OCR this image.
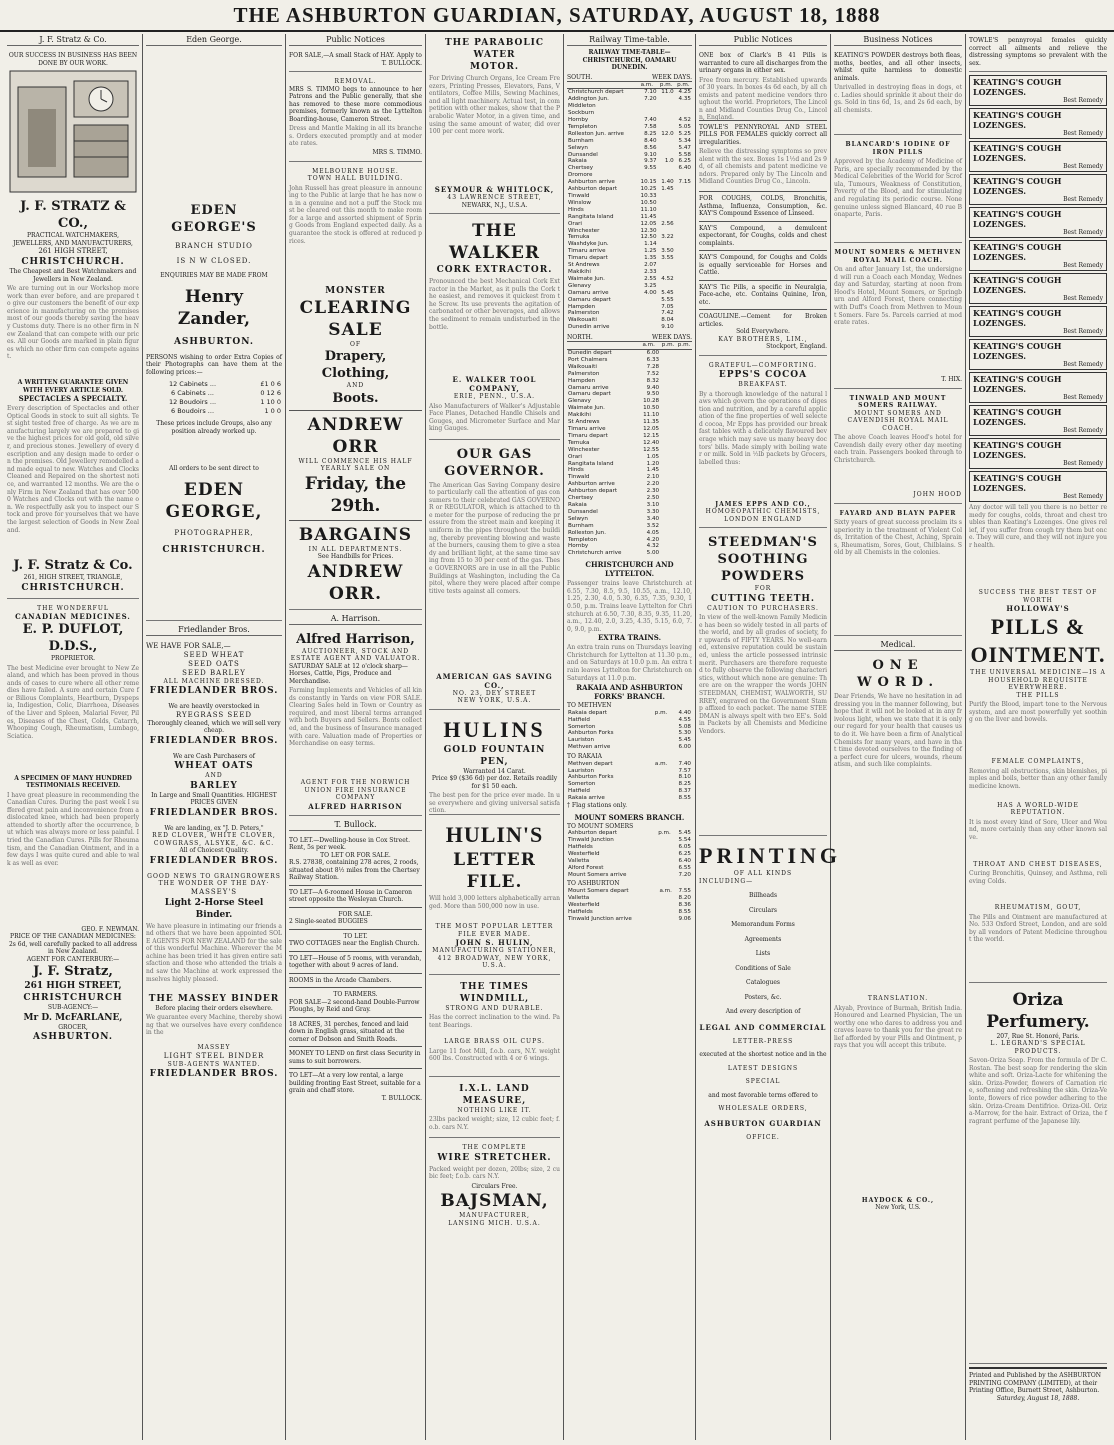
THE ASHBURTON GUARDIAN, SATURDAY, AUGUST 18, 1888
J. F. Stratz & Co.
OUR SUCCESS IN BUSINESS HAS BEEN DONE BY OUR WORK.
J. F. STRATZ & CO.,
PRACTICAL WATCHMAKERS, JEWELLERS, AND MANUFACTURERS,
261 HIGH STREET,
CHRISTCHURCH.
The Cheapest and Best Watchmakers and Jewellers in New Zealand.
We are turning out in our Workshop more work than ever before, and are prepared to give our customers the benefit of our experience in manufacturing on the premises most of our goods thereby saving the heavy Customs duty. There is no other firm in New Zealand that can compete with our prices. All our Goods are marked in plain figures which no other firm can compete against.
A WRITTEN GUARANTEE GIVEN WITH EVERY ARTICLE SOLD.
SPECTACLES A SPECIALTY.
Every description of Spectacles and other Optical Goods in stock to suit all sights. Test sight tested free of charge. As we are manufacturing largely we are prepared to give the highest prices for old gold, old silver, and precious stones. Jewellery of every description and any design made to order on the premises. Old Jewellery remodelled and made equal to new. Watches and Clocks Cleaned and Repaired on the shortest notice, and warranted 12 months. We are the only Firm in New Zealand that has over 5000 Watches and Clocks out with the name on. We respectfully ask you to inspect our Stock and prove for yourselves that we have the largest selection of Goods in New Zealand.
J. F. Stratz & Co.
261, HIGH STREET, TRIANGLE,
CHRISTCHURCH.
THE WONDERFUL
CANADIAN MEDICINES.
E. P. DUFLOT, D.D.S.,
PROPRIETOR.
The best Medicine ever brought to New Zealand, and which has been proved in thousands of cases to cure where all other remedies have failed. A sure and certain Cure for Bilious Complaints, Heartburn, Dyspepsia, Indigestion, Colic, Diarrhoea, Diseases of the Liver and Spleen, Malarial Fever, Piles, Diseases of the Chest, Colds, Catarrh, Whooping Cough, Rheumatism, Lumbago, Sciatica.
A SPECIMEN OF MANY HUNDRED TESTIMONIALS RECEIVED.
I have great pleasure in recommending the Canadian Cures. During the past week I suffered great pain and inconvenience from a dislocated knee, which had been properly attended to shortly after the occurrence, but which was always more or less painful. I tried the Canadian Cures. Pills for Rheumatism, and the Canadian Ointment, and in a few days I was quite cured and able to walk as well as ever.
GEO. F. NEWMAN.
PRICE OF THE CANADIAN MEDICINES: 2s 6d, well carefully packed to all address in New Zealand.
AGENT FOR CANTERBURY:—
J. F. Stratz,
261 HIGH STREET,
CHRISTCHURCH
SUB-AGENCY:—
Mr D. McFARLANE,
GROCER,
ASHBURTON.
Eden George.
EDEN GEORGE'S
BRANCH STUDIO
IS N W CLOSED.
ENQUIRIES MAY BE MADE FROM
Henry Zander,
ASHBURTON.
PERSONS wishing to order Extra Copies of their Photographs can have them at the following prices:—
12 Cabinets ...	£1 0 6
6 Cabinets ...	0 12 6
12 Boudoirs ...	1 10 0
6 Boudoirs ...	1 0 0
These prices include Groups, also any position already worked up.
All orders to be sent direct to
EDEN GEORGE,
PHOTOGRAPHER,
CHRISTCHURCH.
Friedlander Bros.
WE HAVE FOR SALE,—
SEED WHEAT
SEED OATS
SEED BARLEY
ALL MACHINE DRESSED.
FRIEDLANDER BROS.
We are heavily overstocked in
RYEGRASS SEED
Thoroughly cleaned, which we will sell very cheap.
FRIEDLANDER BROS.
We are Cash Purchasers of
WHEAT OATS
AND
BARLEY
In Large and Small Quantities. HIGHEST PRICES GIVEN
FRIEDLANDER BROS.
We are landing, ex "J. D. Peters,"
RED CLOVER, WHITE CLOVER,
COWGRASS, ALSYKE, &C. &C.
All of Choicest Quality.
FRIEDLANDER BROS.
GOOD NEWS TO GRAINGROWERS
THE WONDER OF THE DAY·
MASSEY'S
Light 2-Horse Steel Binder.
We have pleasure in intimating our friends and others that we have been appointed SOLE AGENTS FOR NEW ZEALAND for the sale of this wonderful Machine. Wherever the Machine has been tried it has given entire satisfaction and those who attended the trials and saw the Machine at work expressed themselves highly pleased.
THE MASSEY BINDER
Before placing their orders elsewhere.
We guarantee every Machine, thereby showing that we ourselves have every confidence in the
MASSEY
LIGHT STEEL BINDER
SUB-AGENTS WANTED.
FRIEDLANDER BROS.
Public Notices
FOR SALE,—A small Stack of HAY. Apply to
T. BULLOCK.
REMOVAL.
MRS S. TIMMO begs to announce to her Patrons and the Public generally, that she has removed to these more commodious premises, formerly known as the Lyttelton Boarding-house, Cameron Street.
Dress and Mantle Making in all its branches. Orders executed promptly and at moderate rates.
MRS S. TIMMO.
MELBOURNE HOUSE.
TOWN HALL BUILDING.
John Russell has great pleasure in announcing to the Public at large that he has now on in a genuine and not a puff the Stock must be cleared out this month to make room for a large and assorted shipment of Spring Goods from England expected daily. As a guarantee the stock is offered at reduced prices.
MONSTER
CLEARING SALE
OF
Drapery, Clothing,
AND
Boots.
ANDREW ORR
WILL COMMENCE HIS HALF YEARLY SALE ON
Friday, the 29th.
BARGAINS
IN ALL DEPARTMENTS.
See Handbills for Prices.
ANDREW ORR.
A. Harrison.
Alfred Harrison,
AUCTIONEER, STOCK AND ESTATE AGENT AND VALUATOR.
SATURDAY SALE at 12 o'clock sharp—Horses, Cattle, Pigs, Produce and Merchandise.
Farming Implements and Vehicles of all kinds constantly in Yards on view FOR SALE. Clearing Sales held in Town or Country as required, and most liberal terms arranged with both Buyers and Sellers. Bonts collected, and the business of Insurance managed with care. Valuation made of Properties or Merchandise on easy terms.
AGENT FOR THE NORWICH UNION FIRE INSURANCE COMPANY
ALFRED HARRISON
T. Bullock.
TO LET.—Dwelling-house in Cox Street. Rent, 5s per week.
TO LET OR FOR SALE.
R.S. 27838, containing 278 acres, 2 roods, situated about 8½ miles from the Chertsey Railway Station.
TO LET—A 6-roomed House in Cameron street opposite the Wesleyan Church.
FOR SALE.
2 Single-seated BUGGIES
TO LET.
TWO COTTAGES near the English Church.
TO LET—House of 5 rooms, with verandah, together with about 9 acres of land.
ROOMS in the Arcade Chambers.
TO FARMERS.
FOR SALE—2 second-hand Double-Furrow Ploughs, by Reid and Gray.
18 ACRES, 31 perches, fenced and laid down in English grass, situated at the corner of Dobson and Smith Roads.
MONEY TO LEND on first class Security in sums to suit borrowers.
TO LET—At a very low rental, a large building fronting East Street, suitable for a grain and chaff store.
T. BULLOCK.
THE PARABOLIC WATER
MOTOR.
For Driving Church Organs, Ice Cream Freezers, Printing Presses, Elevators, Fans, Ventilators, Coffee Mills, Sewing Machines, and all light machinery. Actual test, in competition with other makes, show that the Parabolic Water Motor, in a given time, and using the same amount of water, did over 100 per cent more work.
SEYMOUR & WHITLOCK,
43 LAWRENCE STREET,
NEWARK, N.J., U.S.A.
THE WALKER
CORK EXTRACTOR.
Pronounced the best Mechanical Cork Extractor in the Market, as it pulls the Cork the easiest, and removes it quickest from the Screw. Its use prevents the agitation of carbonated or other beverages, and allows the sediment to remain undisturbed in the bottle.
E. WALKER TOOL COMPANY,
ERIE, PENN., U.S.A.
Also Manufacturers of Walker's Adjustable Face Planes, Detached Handle Chisels and Gouges, and Micrometer Surface and Marking Gauges.
OUR GAS GOVERNOR.
The American Gas Saving Company desire to particularly call the attention of gas consumers to their celebrated GAS GOVERNOR or REGULATOR, which is attached to the meter for the purpose of reducing the pressure from the street main and keeping it uniform in the pipes throughout the building, thereby preventing blowing and waste at the burners, causing them to give a steady and brilliant light, at the same time saving from 15 to 30 per cent of the gas. These GOVERNORS are in use in all the Public Buildings at Washington, including the Capitol, where they were placed after competitive tests against all comers.
AMERICAN GAS SAVING CO.,
NO. 23, DEY STREET
NEW YORK, U.S.A.
HULINS
GOLD FOUNTAIN PEN,
Warranted 14 Carat.
Price $9 ($36 6d) per doz. Retails readily for $1 50 each.
The best pen for the price ever made. In use everywhere and giving universal satisfaction.
HULIN'S
LETTER FILE.
Will hold 3,000 letters alphabetically arranged. More than 500,000 now in use.
THE MOST POPULAR LETTER FILE EVER MADE.
JOHN S. HULIN,
MANUFACTURING STATIONER,
412 BROADWAY, NEW YORK, U.S.A.
THE TIMES WINDMILL,
STRONG AND DURABLE.
Has the correct inclination to the wind. Patent Bearings.
LARGE BRASS OIL CUPS.
Large 11 foot Mill, f.o.b. cars, N.Y. weight 600 lbs. Constructed with 4 or 6 wings.
I.X.L. LAND MEASURE,
NOTHING LIKE IT.
23lbs packed weight; size, 12 cubic feet; f.o.b. cars N.Y.
THE COMPLETE
WIRE STRETCHER.
Packed weight per dozen, 20lbs; size, 2 cubic feet; f.o.b. cars N.Y.
Circulars Free.
BAJSMAN,
MANUFACTURER,
LANSING MICH. U.S.A.
Railway Time-table.
RAILWAY TIME-TABLE—CHRISTCHURCH, OAMARU DUNEDIN.
SOUTH.	WEEK DAYS.
	a.m.	p.m.	p.m.
Christchurch depart	7.10	11.0	4.25
Addington Jun.	7.20		4.35
Middleton			
Sockburn			
Hornby	7.40		4.52
Templeton	7.58		5.05
Rolleston Jun. arrive	8.25	12.0	5.25
Burnham	8.40		5.34
Selwyn	8.56		5.47
Dunsandel	9.10		5.58
Rakaia	9.37	1.0	6.25
Chertsey	9.55		6.40
Dromore			
Ashburton arrive	10.15	1.40	7.15
Ashburton depart	10.25	1.45	
Tinwald	10.33		
Winslow	10.50		
Hinds	11.10		
Rangitata Island	11.45		
Orari	12.05	2.56	
Winchester	12.30		
Temuka	12.50	3.22	
Washdyke Jun.	1.14		
Timaru arrive	1.25	3.50	
Timaru depart	1.35	3.55	
St Andrews	2.07		
Makikihi	2.33		
Waimate Jun.	2.55	4.52	
Glenavy	3.25		
Oamaru arrive	4.00	5.45	
Oamaru depart		5.55	
Hampden		7.05	
Palmerston		7.42	
Waikouaiti		8.04	
Dunedin arrive		9.10	
NORTH.	WEEK DAYS.
	a.m.	p.m.	p.m.
Dunedin depart	6.00		
Port Chalmers	6.33		
Waikouaiti	7.28		
Palmerston	7.52		
Hampden	8.32		
Oamaru arrive	9.40		
Oamaru depart	9.50		
Glenavy	10.28		
Waimate Jun.	10.50		
Makikihi	11.10		
St Andrews	11.35		
Timaru arrive	12.05		
Timaru depart	12.15		
Temuka	12.40		
Winchester	12.55		
Orari	1.05		
Rangitata Island	1.20		
Hinds	1.45		
Tinwald	2.10		
Ashburton arrive	2.20		
Ashburton depart	2.30		
Chertsey	2.50		
Rakaia	3.10		
Dunsandel	3.30		
Selwyn	3.40		
Burnham	3.52		
Rolleston Jun.	4.05		
Templeton	4.20		
Hornby	4.32		
Christchurch arrive	5.00		
CHRISTCHURCH AND LYTTELTON.
Passenger trains leave Christchurch at 6.55, 7.30, 8.5, 9.5, 10.55, a.m., 12.10, 1.25, 2.30, 4.0, 5.30, 6.35, 7.35, 9.30, 10.50, p.m. Trains leave Lyttelton for Christchurch at 6.50, 7.30, 8.35, 9.35, 11.20, a.m., 12.40, 2.0, 3.25, 4.35, 5.15, 6.0, 7.0, 9.0, p.m.
EXTRA TRAINS.
An extra train runs on Thursdays leaving Christchurch for Lyttelton at 11.30 p.m., and on Saturdays at 10.0 p.m. An extra train leaves Lyttelton for Christchurch on Saturdays at 11.0 p.m.
RAKAIA AND ASHBURTON FORKS' BRANCH.
TO METHVEN
Rakaia depart	p.m.	4.40
Hatfield		4.55
Somerton		5.08
Ashburton Forks		5.30
Lauriston		5.45
Methven arrive		6.00
TO RAKAIA
Methven depart	a.m.	7.40
Lauriston		7.57
Ashburton Forks		8.10
Somerton		8.25
Hatfield		8.37
Rakaia arrive		8.55
† Flag stations only.
MOUNT SOMERS BRANCH.
TO MOUNT SOMERS
Ashburton depart	p.m.	5.45
Tinwald Junction		5.54
Hatfields		6.05
Westerfield		6.25
Valletta		6.40
Alford Forest		6.55
Mount Somers arrive		7.20
TO ASHBURTON
Mount Somers depart	a.m.	7.55
Valletta		8.20
Westerfield		8.36
Hatfields		8.55
Tinwald Junction arrive		9.06
Public Notices
ONE box of Clark's B 41 Pills is warranted to cure all discharges from the urinary organs in either sex.
Free from mercury. Established upwards of 30 years. In boxes 4s 6d each, by all chemists and patent medicine vendors throughout the world. Proprietors, The Lincoln and Midland Counties Drug Co., Lincoln, England.
TOWLE'S PENNYROYAL AND STEEL PILLS FOR FEMALES quickly correct all irregularities.
Relieve the distressing symptoms so prevalent with the sex. Boxes 1s 1½d and 2s 9d, of all chemists and patent medicine vendors. Prepared only by The Lincoln and Midland Counties Drug Co., Lincoln.
FOR COUGHS, COLDS, Bronchitis, Asthma, Influenza, Consumption, &c. KAY'S Compound Essence of Linseed.
KAY'S Compound, a demulcent expectorant, for Coughs, colds and chest complaints.
KAY'S Compound, for Coughs and Colds is equally serviceable for Horses and Cattle.
KAY'S Tic Pills, a specific in Neuralgia, Face-ache, etc. Contains Quinine, Iron, etc.
COAGULINE.—Cement for Broken articles.
Sold Everywhere.
KAY BROTHERS, LIM.,
Stockport, England.
GRATEFUL—COMFORTING.
EPPS'S COCOA
BREAKFAST.
By a thorough knowledge of the natural laws which govern the operations of digestion and nutrition, and by a careful application of the fine properties of well selected cocoa, Mr Epps has provided our breakfast tables with a delicately flavoured beverage which may save us many heavy doctors' bills. Made simply with boiling water or milk. Sold in ½lb packets by Grocers, labelled thus:
JAMES EPPS AND CO.,
HOMOEOPATHIC CHEMISTS,
LONDON ENGLAND
STEEDMAN'S
SOOTHING
POWDERS
FOR
CUTTING TEETH.
CAUTION TO PURCHASERS.
In view of the well-known Family Medicine has been so widely tested in all parts of the world, and by all grades of society, for upwards of FIFTY YEARS. No well-earned, extensive reputation could be sustained, unless the article possessed intrinsic merit. Purchasers are therefore requested to fully observe the following characteristics, without which none are genuine: There are on the wrapper the words JOHN STEEDMAN, CHEMIST, WALWORTH, SURREY, engraved on the Government Stamp affixed to each packet. The name STEEDMAN is always spelt with two EE's. Sold in Packets by all Chemists and Medicine Vendors.
PRINTING
OF ALL KINDS
INCLUDING—
Billheads
Circulars
Memorandum Forms
Agreements
Lists
Conditions of Sale
Catalogues
Posters, &c.
And every description of
LEGAL AND COMMERCIAL
LETTER-PRESS
executed at the shortest notice and in the
LATEST DESIGNS
SPECIAL
and most favorable terms offered to
WHOLESALE ORDERS,
ASHBURTON GUARDIAN
OFFICE.
Business Notices
KEATING'S POWDER destroys both fleas, moths, beetles, and all other insects, whilst quite harmless to domestic animals.
Unrivalled in destroying fleas in dogs, etc. Ladies should sprinkle it about their dogs. Sold in tins 6d, 1s, and 2s 6d each, by all chemists.
BLANCARD'S IODINE OF IRON PILLS
Approved by the Academy of Medicine of Paris, are specially recommended by the Medical Celebrities of the World for Scrofula, Tumours, Weakness of Constitution, Poverty of the Blood, and for stimulating and regulating its periodic course. None genuine unless signed Blancard, 40 rue Bonaparte, Paris.
MOUNT SOMERS & METHVEN ROYAL MAIL COACH.
On and after January 1st, the undersigned will run a Coach each Monday, Wednesday and Saturday, starting at noon from Hood's Hotel, Mount Somers, or Springburn and Alford Forest, there connecting with Duff's Coach from Methven to Mount Somers. Fare 5s. Parcels carried at moderate rates.
T. HIX.
TINWALD AND MOUNT SOMERS RAILWAY.
MOUNT SOMERS AND CAVENDISH ROYAL MAIL COACH.
The above Coach leaves Hood's hotel for Cavendish daily every other day meeting each train. Passengers booked through to Christchurch.
JOHN HOOD
FAYARD AND BLAYN PAPER
Sixty years of great success proclaim its superiority in the treatment of Violent Colds, Irritation of the Chest, Aching, Sprains, Rheumatism, Sores, Gout, Chilblains. Sold by all Chemists in the colonies.
Medical.
ONE WORD.
Dear Friends, We have no hesitation in addressing you in the manner following, but hope that it will not be looked at in any frivolous light, when we state that it is only our regard for your health that causes us to do it. We have been a firm of Analytical Chemists for many years, and have in that time devoted ourselves to the finding of a perfect cure for ulcers, wounds, rheumatism, and such like complaints.
TRANSLATION.
Akyab, Province of Burmah, British India. Honoured and Learned Physician, The unworthy one who dares to address you and craves leave to thank you for the great relief afforded by your Pills and Ointment, prays that you will accept this tribute.
HAYDOCK & CO.,
New York, U.S.
TOWLE'S pennyroyal females quickly correct all ailments and relieve the distressing symptoms so prevalent with the sex.
KEATING'S COUGH LOZENGES.
Best Remedy
KEATING'S COUGH LOZENGES.
Best Remedy
KEATING'S COUGH LOZENGES.
Best Remedy
KEATING'S COUGH LOZENGES.
Best Remedy
KEATING'S COUGH LOZENGES.
Best Remedy
KEATING'S COUGH LOZENGES.
Best Remedy
KEATING'S COUGH LOZENGES.
Best Remedy
KEATING'S COUGH LOZENGES.
Best Remedy
KEATING'S COUGH LOZENGES.
Best Remedy
KEATING'S COUGH LOZENGES.
Best Remedy
KEATING'S COUGH LOZENGES.
Best Remedy
KEATING'S COUGH LOZENGES.
Best Remedy
KEATING'S COUGH LOZENGES.
Best Remedy
Any doctor will tell you there is no better remedy for coughs, colds, throat and chest troubles than Keating's Lozenges. One gives relief, if you suffer from cough try them but once. They will cure, and they will not injure your health.
SUCCESS THE BEST TEST OF WORTH
HOLLOWAY'S
PILLS & OINTMENT.
THE UNIVERSAL MEDICINE—IS A HOUSEHOLD REQUISITE EVERYWHERE.
THE PILLS
Purify the Blood, impart tone to the Nervous system, and are most powerfully yet soothing on the liver and bowels.
FEMALE COMPLAINTS,
Removing all obstructions, skin blemishes, pimples and boils, better than any other family medicine known.
HAS A WORLD-WIDE REPUTATION.
It is most every kind of Sore, Ulcer and Wound, more certainly than any other known salve.
THROAT AND CHEST DISEASES,
Curing Bronchitis, Quinsey, and Asthma, relieving Colds.
RHEUMATISM, GOUT,
The Pills and Ointment are manufactured at No. 533 Oxford Street, London, and are sold by all vendors of Patent Medicine throughout the world.
Oriza Perfumery.
207, Rue St. Honoré, Paris.
L. LEGRAND'S SPECIAL PRODUCTS.
Savon-Oriza Soap. From the formula of Dr C. Rostan. The best soap for rendering the skin white and soft. Oriza-Lacte for whitening the skin. Oriza-Powder, flowers of Carnation rice, softening and refreshing the skin. Oriza-Velonte, flowers of rice powder adhering to the skin. Oriza-Cream Dentifrice. Oriza-Oil. Oriza-Marrow, for the hair. Extract of Oriza, the fragrant perfume of the Japanese lily.
Printed and Published by the ASHBURTON PRINTING COMPANY (LIMITED), at their Printing Office, Burnett Street, Ashburton.
Saturday, August 18, 1888.
